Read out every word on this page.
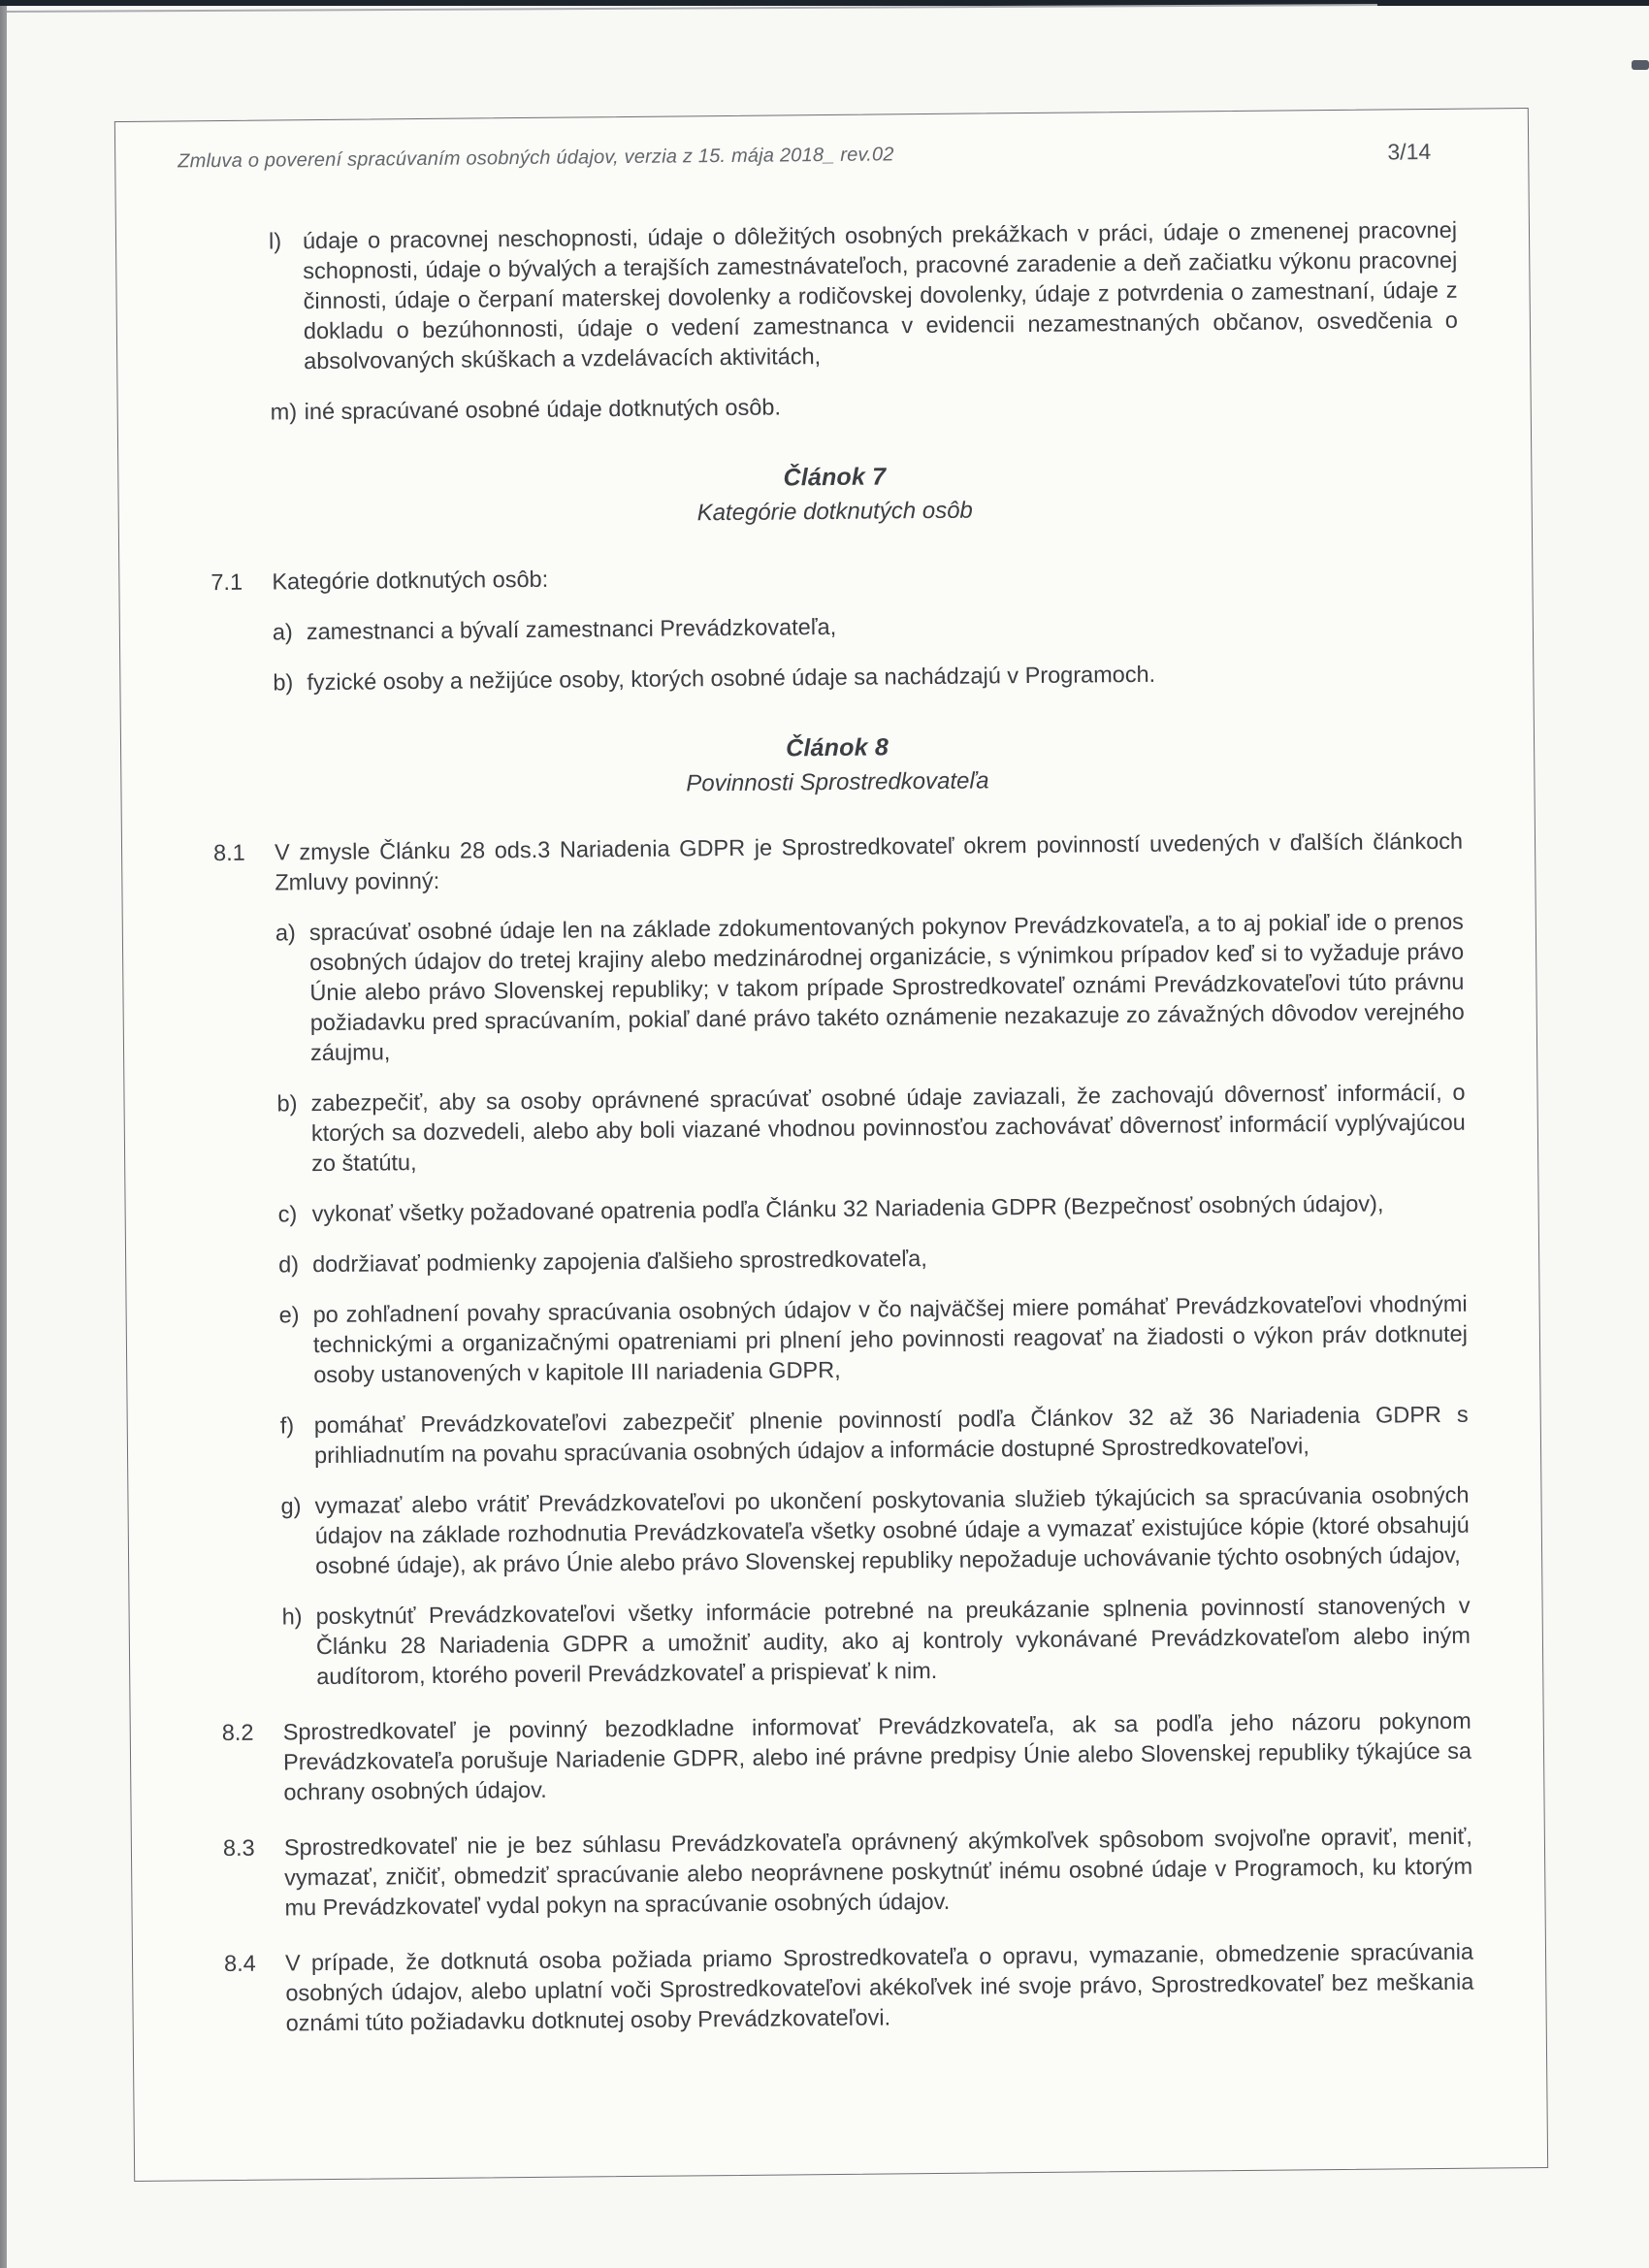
Zmluva o poverení spracúvaním osobných údajov, verzia z 15. mája 2018_ rev.02	3/14
l) údaje o pracovnej neschopnosti, údaje o dôležitých osobných prekážkach v práci, údaje o zmenenej pracovnej schopnosti, údaje o bývalých a terajších zamestnávateľoch, pracovné zaradenie a deň začiatku výkonu pracovnej činnosti, údaje o čerpaní materskej dovolenky a rodičovskej dovolenky, údaje z potvrdenia o zamestnaní, údaje z dokladu o bezúhonnosti, údaje o vedení zamestnanca v evidencii nezamestnaných občanov, osvedčenia o absolvovaných skúškach a vzdelávacích aktivitách,
m) iné spracúvané osobné údaje dotknutých osôb.
Článok 7
Kategórie dotknutých osôb
7.1	Kategórie dotknutých osôb:
a) zamestnanci a bývalí zamestnanci Prevádzkovateľa,
b) fyzické osoby a nežijúce osoby, ktorých osobné údaje sa nachádzajú v Programoch.
Článok 8
Povinnosti Sprostredkovateľa
8.1	V zmysle Článku 28 ods.3 Nariadenia GDPR je Sprostredkovateľ okrem povinností uvedených v ďalších článkoch Zmluvy povinný:
a) spracúvať osobné údaje len na základe zdokumentovaných pokynov Prevádzkovateľa, a to aj pokiaľ ide o prenos osobných údajov do tretej krajiny alebo medzinárodnej organizácie, s výnimkou prípadov keď si to vyžaduje právo Únie alebo právo Slovenskej republiky; v takom prípade Sprostredkovateľ oznámi Prevádzkovateľovi túto právnu požiadavku pred spracúvaním, pokiaľ dané právo takéto oznámenie nezakazuje zo závažných dôvodov verejného záujmu,
b) zabezpečiť, aby sa osoby oprávnené spracúvať osobné údaje zaviazali, že zachovajú dôvernosť informácií, o ktorých sa dozvedeli, alebo aby boli viazané vhodnou povinnosťou zachovávať dôvernosť informácií vyplývajúcou zo štatútu,
c) vykonať všetky požadované opatrenia podľa Článku 32 Nariadenia GDPR (Bezpečnosť osobných údajov),
d) dodržiavať podmienky zapojenia ďalšieho sprostredkovateľa,
e) po zohľadnení povahy spracúvania osobných údajov v čo najväčšej miere pomáhať Prevádzkovateľovi vhodnými technickými a organizačnými opatreniami pri plnení jeho povinnosti reagovať na žiadosti o výkon práv dotknutej osoby ustanovených v kapitole III nariadenia GDPR,
f) pomáhať Prevádzkovateľovi zabezpečiť plnenie povinností podľa Článkov 32 až 36 Nariadenia GDPR s prihliadnutím na povahu spracúvania osobných údajov a informácie dostupné Sprostredkovateľovi,
g) vymazať alebo vrátiť Prevádzkovateľovi po ukončení poskytovania služieb týkajúcich sa spracúvania osobných údajov na základe rozhodnutia Prevádzkovateľa všetky osobné údaje a vymazať existujúce kópie (ktoré obsahujú osobné údaje), ak právo Únie alebo právo Slovenskej republiky nepožaduje uchovávanie týchto osobných údajov,
h) poskytnúť Prevádzkovateľovi všetky informácie potrebné na preukázanie splnenia povinností stanovených v Článku 28 Nariadenia GDPR a umožniť audity, ako aj kontroly vykonávané Prevádzkovateľom alebo iným audítorom, ktorého poveril Prevádzkovateľ a prispievať k nim.
8.2	Sprostredkovateľ je povinný bezodkladne informovať Prevádzkovateľa, ak sa podľa jeho názoru pokynom Prevádzkovateľa porušuje Nariadenie GDPR, alebo iné právne predpisy Únie alebo Slovenskej republiky týkajúce sa ochrany osobných údajov.
8.3	Sprostredkovateľ nie je bez súhlasu Prevádzkovateľa oprávnený akýmkoľvek spôsobom svojvoľne opraviť, meniť, vymazať, zničiť, obmedziť spracúvanie alebo neoprávnene poskytnúť inému osobné údaje v Programoch, ku ktorým mu Prevádzkovateľ vydal pokyn na spracúvanie osobných údajov.
8.4	V prípade, že dotknutá osoba požiada priamo Sprostredkovateľa o opravu, vymazanie, obmedzenie spracúvania osobných údajov, alebo uplatní voči Sprostredkovateľovi akékoľvek iné svoje právo, Sprostredkovateľ bez meškania oznámi túto požiadavku dotknutej osoby Prevádzkovateľovi.
